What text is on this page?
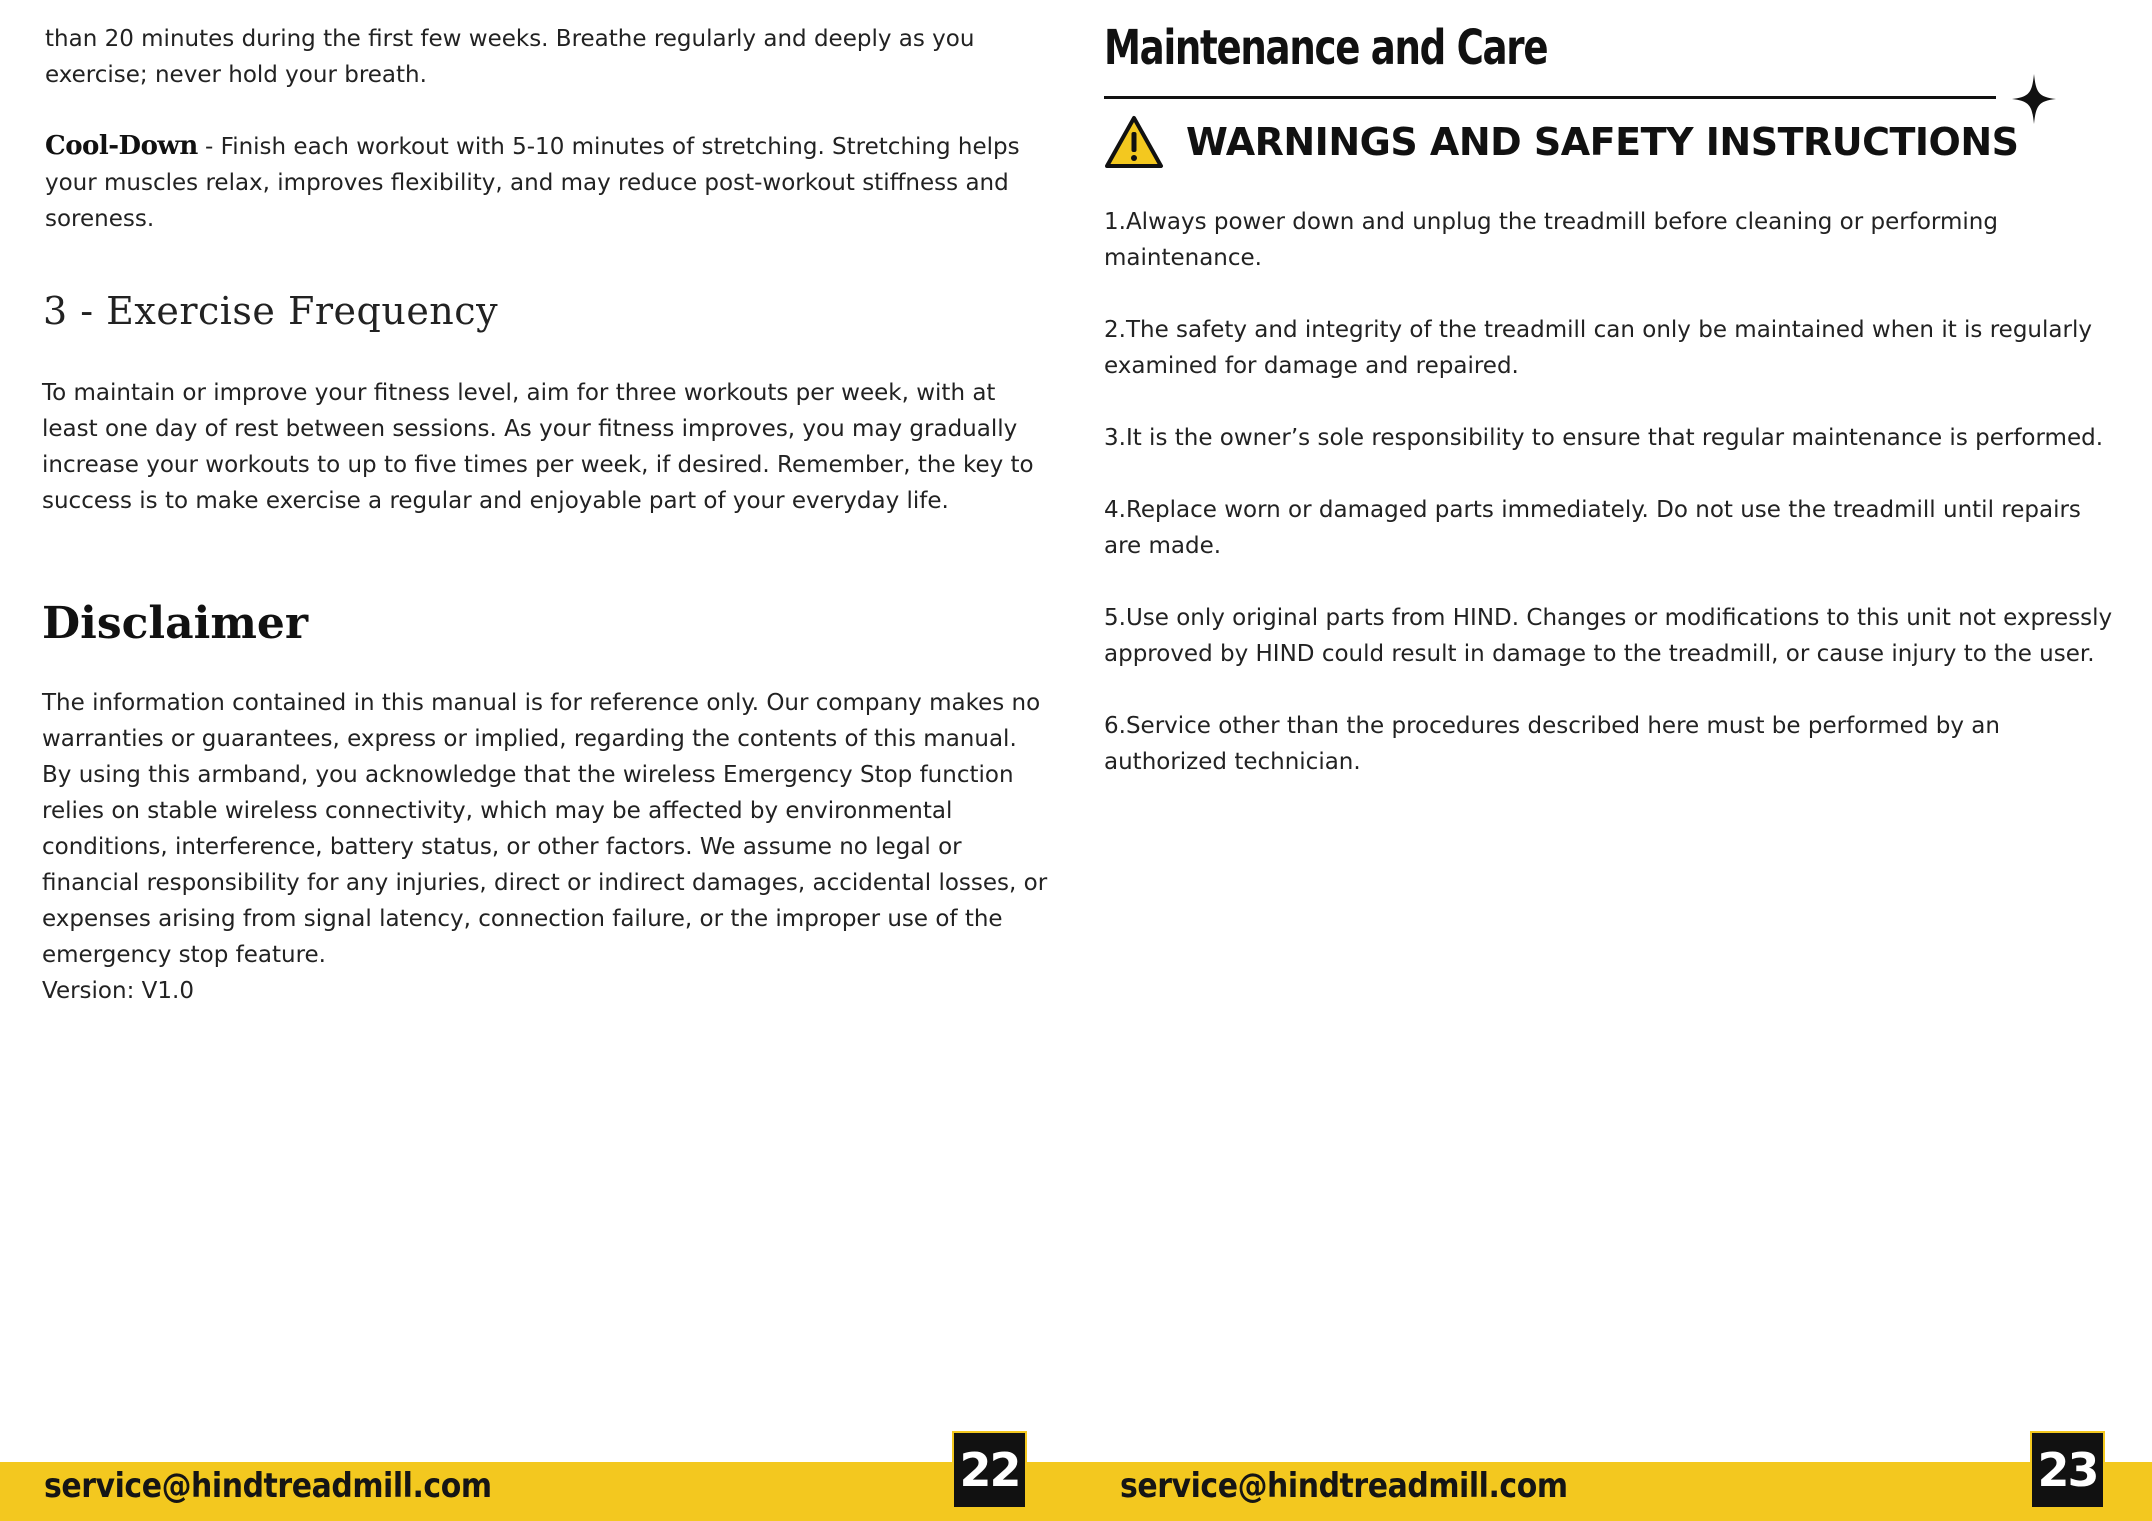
than 20 minutes during the first few weeks. Breathe regularly and deeply as you exercise; never hold your breath.

Cool-Down - Finish each workout with 5-10 minutes of stretching. Stretching helps your muscles relax, improves flexibility, and may reduce post-workout stiffness and soreness.

3 - Exercise Frequency

To maintain or improve your fitness level, aim for three workouts per week, with at least one day of rest between sessions. As your fitness improves, you may gradually increase your workouts to up to five times per week, if desired. Remember, the key to success is to make exercise a regular and enjoyable part of your everyday life.

Disclaimer

The information contained in this manual is for reference only. Our company makes no warranties or guarantees, express or implied, regarding the contents of this manual. By using this armband, you acknowledge that the wireless Emergency Stop function relies on stable wireless connectivity, which may be affected by environmental conditions, interference, battery status, or other factors. We assume no legal or financial responsibility for any injuries, direct or indirect damages, accidental losses, or expenses arising from signal latency, connection failure, or the improper use of the emergency stop feature.

Version: V1.0

Maintenance and Care
WARNINGS AND SAFETY INSTRUCTIONS
1.Always power down and unplug the treadmill before cleaning or performing maintenance.
2.The safety and integrity of the treadmill can only be maintained when it is regularly examined for damage and repaired.
3.It is the owner’s sole responsibility to ensure that regular maintenance is performed.
4.Replace worn or damaged parts immediately. Do not use the treadmill until repairs are made.
5.Use only original parts from HIND. Changes or modifications to this unit not expressly approved by HIND could result in damage to the treadmill, or cause injury to the user.
6.Service other than the procedures described here must be performed by an authorized technician.
service@hindtreadmill.com	22	service@hindtreadmill.com	23
